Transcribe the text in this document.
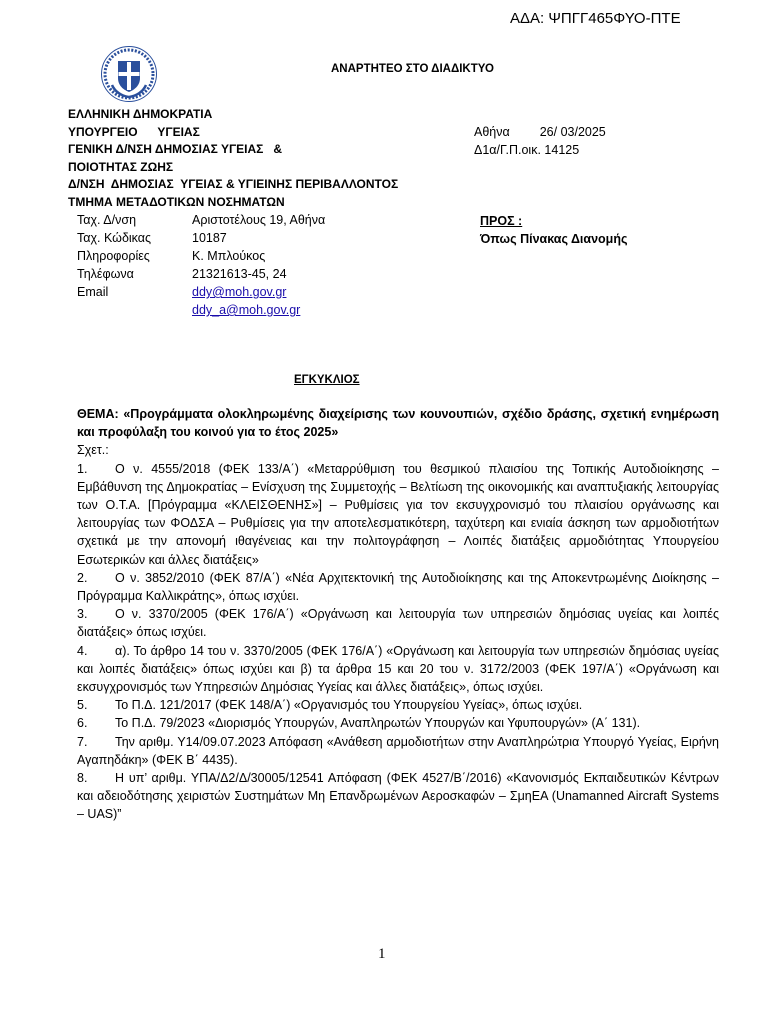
ΑΔΑ: ΨΠΓΓ465ΦΥΟ-ΠΤΕ
ΑΝΑΡΤΗΤΕΟ ΣΤΟ ΔΙΑΔΙΚΤΥΟ
ΕΛΛΗΝΙΚΗ ΔΗΜΟΚΡΑΤΙΑ
ΥΠΟΥΡΓΕΙΟ      ΥΓΕΙΑΣ
ΓΕΝΙΚΗ Δ/ΝΣΗ ΔΗΜΟΣΙΑΣ ΥΓΕΙΑΣ   &
ΠΟΙΟΤΗΤΑΣ ΖΩΗΣ
Δ/ΝΣΗ  ΔΗΜΟΣΙΑΣ  ΥΓΕΙΑΣ & ΥΓΙΕΙΝΗΣ ΠΕΡΙΒΑΛΛΟΝΤΟΣ
ΤΜΗΜΑ ΜΕΤΑΔΟΤΙΚΩΝ ΝΟΣΗΜΑΤΩΝ
Αθήνα 26/ 03/2025
Δ1α/Γ.Π.οικ. 14125
Ταχ. Δ/νση	Αριστοτέλους 19, Αθήνα
Ταχ. Κώδικας	10187
Πληροφορίες	Κ. Μπλούκος
Τηλέφωνα	21321613-45, 24
Email	ddy@moh.gov.gr
	ddy_a@moh.gov.gr
ΠΡΟΣ :
Όπως Πίνακας Διανομής
ΕΓΚΥΚΛΙΟΣ
ΘΕΜΑ: «Προγράμματα ολοκληρωμένης διαχείρισης των κουνουπιών, σχέδιο δράσης, σχετική ενημέρωση και προφύλαξη του κοινού για το έτος 2025»
Σχετ.:
1. Ο ν. 4555/2018 (ΦΕΚ 133/Α΄) «Μεταρρύθμιση του θεσμικού πλαισίου της Τοπικής Αυτοδιοίκησης – Εμβάθυνση της Δημοκρατίας – Ενίσχυση της Συμμετοχής – Βελτίωση της οικονομικής και αναπτυξιακής λειτουργίας των Ο.Τ.Α. [Πρόγραμμα «ΚΛΕΙΣΘΕΝΗΣ»] – Ρυθμίσεις για τον εκσυγχρονισμό του πλαισίου οργάνωσης και λειτουργίας των ΦΟΔΣΑ – Ρυθμίσεις για την αποτελεσματικότερη, ταχύτερη και ενιαία άσκηση των αρμοδιοτήτων σχετικά με την απονομή ιθαγένειας και την πολιτογράφηση – Λοιπές διατάξεις αρμοδιότητας Υπουργείου Εσωτερικών και άλλες διατάξεις»
2. Ο ν. 3852/2010 (ΦΕΚ 87/Α΄) «Νέα Αρχιτεκτονική της Αυτοδιοίκησης και της Αποκεντρωμένης Διοίκησης – Πρόγραμμα Καλλικράτης», όπως ισχύει.
3. Ο ν. 3370/2005 (ΦΕΚ 176/Α΄) «Οργάνωση και λειτουργία των υπηρεσιών δημόσιας υγείας και λοιπές διατάξεις» όπως ισχύει.
4. α). Το άρθρο 14 του ν. 3370/2005 (ΦΕΚ 176/Α΄) «Οργάνωση και λειτουργία των υπηρεσιών δημόσιας υγείας και λοιπές διατάξεις» όπως ισχύει και β) τα άρθρα 15 και 20 του ν. 3172/2003 (ΦΕΚ 197/Α΄) «Οργάνωση και εκσυγχρονισμός των Υπηρεσιών Δημόσιας Υγείας και άλλες διατάξεις», όπως ισχύει.
5. Το Π.Δ. 121/2017 (ΦΕΚ 148/Α΄) «Οργανισμός του Υπουργείου Υγείας», όπως ισχύει.
6. Το Π.Δ. 79/2023 «Διορισμός Υπουργών, Αναπληρωτών Υπουργών και Υφυπουργών» (Α΄ 131).
7. Την αριθμ. Υ14/09.07.2023 Απόφαση «Ανάθεση αρμοδιοτήτων στην Αναπληρώτρια Υπουργό Υγείας, Ειρήνη Αγαπηδάκη» (ΦΕΚ Β΄ 4435).
8. Η υπ’ αριθμ. ΥΠΑ/Δ2/Δ/30005/12541 Απόφαση (ΦΕΚ 4527/Β΄/2016) «Κανονισμός Εκπαιδευτικών Κέντρων και αδειοδότησης χειριστών Συστημάτων Μη Επανδρωμένων Αεροσκαφών – ΣμηΕΑ (Unamanned Aircraft Systems – UAS)”
1
